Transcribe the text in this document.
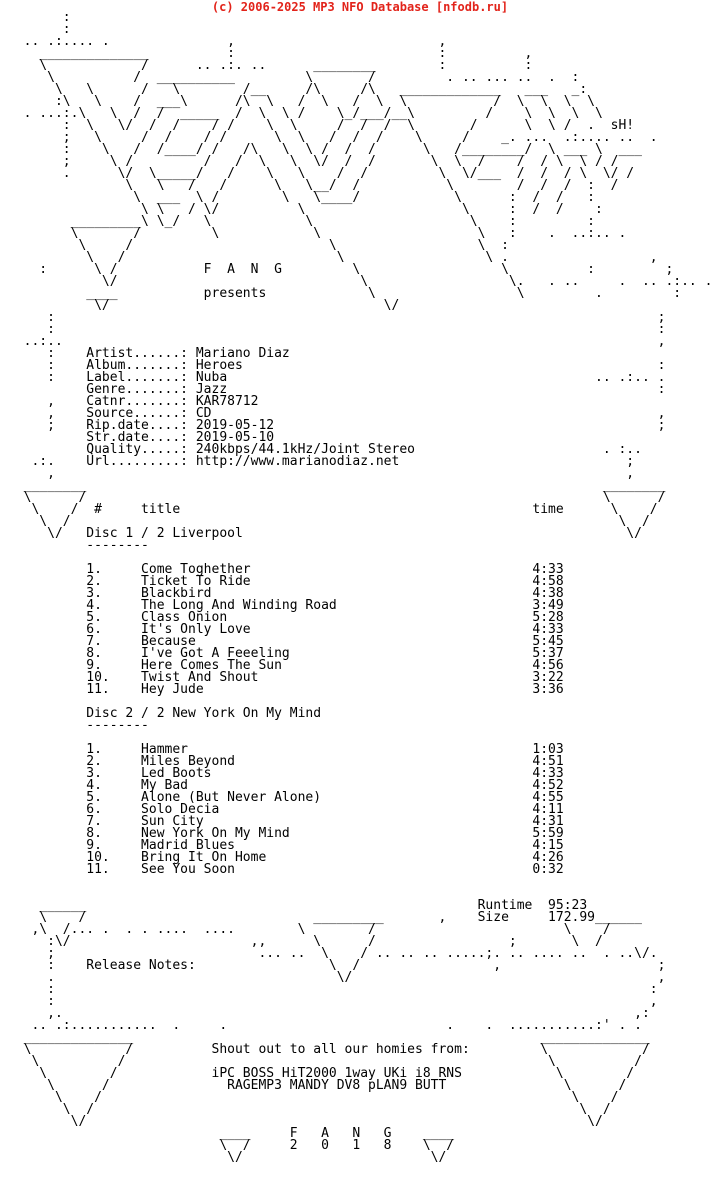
(c) 2006-2025 MP3 NFO Database [nfodb.ru]
:
:
.. .:.... .               ,                          ,
______________          :                          :          ,
\            /      .. .:. ..      ________        :          :
\          /  __________         \       /         . .. ... ..  .  :
\   \      /   \        /__     /\     /\   _____________   ___   _:
:\   \    /  ___\      /\  \   /  \   /  \  \           /  \  \  \  \
. ...:.\   \  /  /  _____  /  \  \ /    \_/___/__\         /    \  \  \  \
:  \   \/  /  /    / /    \  \     /  /  /  \       /      \  \ /  .  sH!
;   \     /  /    / /      \  \   /  /  /    \     /    _. ...  .:.... ..  .
:    \   /  /____/ /   /\   \  \ /  /  /      \   /________/  \ ___ \  ___
;     \ /         /   /  \   \  \/  /  /       \  \  /    /  / \  \ / /
.      \/  \_____/   /    \   \    /  /         \  \/___  /  /  / \  \/ /
\   \   /   /      \   \__/  /           \        /  /  /  :  /
\  ___  \ /        \   \____/            \      :  /  /   :
\ \   / \/          \                    \     :  /  /    :
_________\ \_/   \            \                    \    :         :
\       /         \            \                    \   :    .  ..:.. .
\     /                         \                  \  :
\   /                           \                  \ .                  ,
:      \ /           F  A  N  G         \                  \          :         ;
\/                               \                  \.   . ..     .  .. .:.. .
____           presents             \                  \         .         :
\/                                   \/
:                                                                             ;
:                                                                             :
..:..                                                                            ,
:    Artist......: Mariano Diaz
:    Album.......: Heroes                                                     :
:    Label.......: Nuba                                               .. .:.. .
Genre.......: Jazz                                                       :
,    Catnr.......: KAR78712
,    Source......: CD                                                         ,
;    Rip.date....: 2019-05-12                                                 ;
Str.date....: 2019-05-10
Quality.....: 240kbps/44.1kHz/Joint Stereo                        . :..
.:.    Url.........: http://www.marianodiaz.net                             ;
,                                                                         ,
________                                                                  ________
\      /                                                                  \      /
\    /  #     title                                             time      \    /
\  /                                                                      \  /
\/   Disc 1 / 2 Liverpool                                                 \/
--------

1.     Come Toghether                                    4:33
2.     Ticket To Ride                                    4:58
3.     Blackbird                                         4:38
4.     The Long And Winding Road                         3:49
5.     Class Onion                                       5:28
6.     It's Only Love                                    4:33
7.     Because                                           5:45
8.     I've Got A Feeeling                               5:37
9.     Here Comes The Sun                                4:56
10.    Twist And Shout                                   3:22
11.    Hey Jude                                          3:36

Disc 2 / 2 New York On My Mind
--------

1.     Hammer                                            1:03
2.     Miles Beyond                                      4:51
3.     Led Boots                                         4:33
4.     My Bad                                            4:52
5.     Alone (But Never Alone)                           4:55
6.     Solo Decia                                        4:11
7.     Sun City                                          4:31
8.     New York On My Mind                               5:59
9.     Madrid Blues                                      4:15
10.    Bring It On Home                                  4:26
11.    See You Soon                                      0:32

______                                                  Runtime  95:23
\    /                             _________       ,    Size     172.99______
,\  /... .  . . ....  ....        \        /                        \    /
:\/                       ,,      \      /                 ;       \  /
;                          ... ..  \    / .. .. .. .....;. .. .... ..  . ..\/.
:    Release Notes:                 \  /                 ,                    ;
.                                    \/                                       ,
:                                                                            :
:                                                                            ,
,.                                                                         ,:
.. .:...........  .     .                            .    .  ...........:' . .
______________                                                    ______________
\            /          Shout out to all our homies from:         \            /
\          /                                                      \          /
\        /            iPC BOSS HiT2000 1way UKi i8 RNS            \        /
\      /               RAGEMP3 MANDY DV8 pLAN9 BUTT               \      /
\    /                                                            \    /
\  /                                                              \  /
\/                                                                \/
____     F   A   N   G    ____
\  /     2   0   1   8    \  /
\/                        \/
